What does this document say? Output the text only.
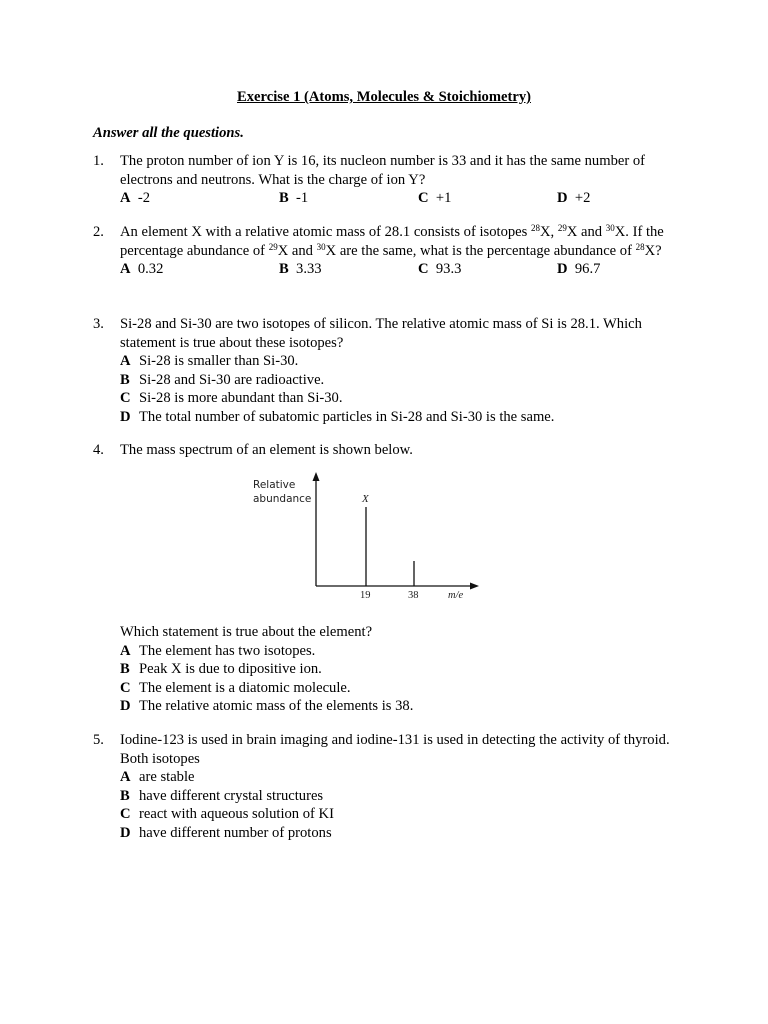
Exercise 1 (Atoms, Molecules & Stoichiometry)
Answer all the questions.
1. The proton number of ion Y is 16, its nucleon number is 33 and it has the same number of electrons and neutrons. What is the charge of ion Y?
A -2	B -1	C +1	D +2
2. An element X with a relative atomic mass of 28.1 consists of isotopes $^{28}$X, $^{29}$X and $^{30}$X. If the percentage abundance of $^{29}$X and $^{30}$X are the same, what is the percentage abundance of $^{28}$X?
A 0.32	B 3.33	C 93.3	D 96.7
3. Si-28 and Si-30 are two isotopes of silicon. The relative atomic mass of Si is 28.1. Which statement is true about these isotopes?
A Si-28 is smaller than Si-30.
B Si-28 and Si-30 are radioactive.
C Si-28 is more abundant than Si-30.
D The total number of subatomic particles in Si-28 and Si-30 is the same.
4. The mass spectrum of an element is shown below.
Relative
abundance	X
19	38	m/e
Which statement is true about the element?
A The element has two isotopes.
B Peak X is due to dipositive ion.
C The element is a diatomic molecule.
D The relative atomic mass of the elements is 38.
5. Iodine-123 is used in brain imaging and iodine-131 is used in detecting the activity of thyroid. Both isotopes
A are stable
B have different crystal structures
C react with aqueous solution of KI
D have different number of protons
